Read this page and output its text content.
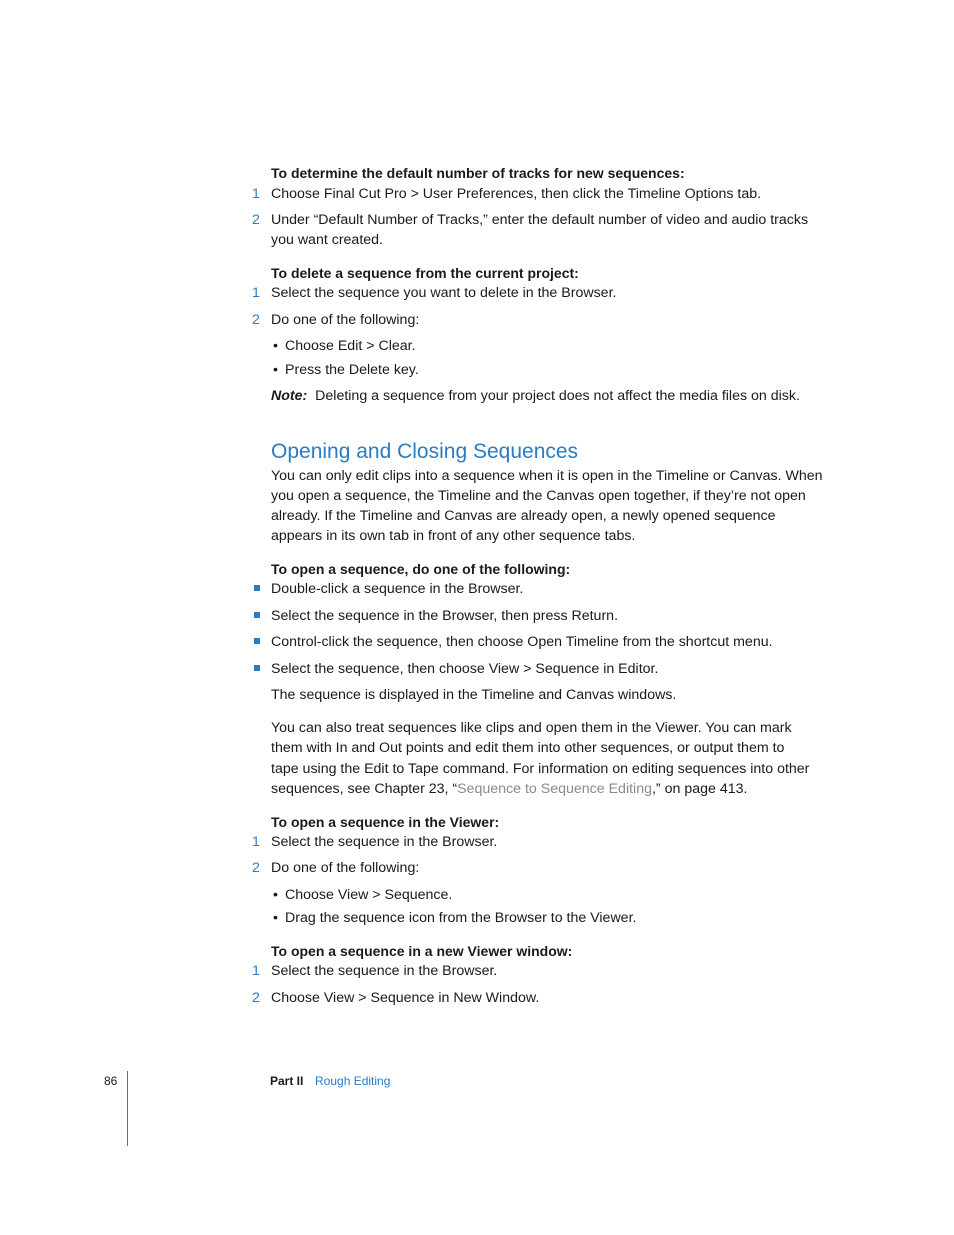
To determine the default number of tracks for new sequences:
1 Choose Final Cut Pro > User Preferences, then click the Timeline Options tab.
2 Under “Default Number of Tracks,” enter the default number of video and audio tracks
you want created.
To delete a sequence from the current project:
1 Select the sequence you want to delete in the Browser.
2 Do one of the following:
• Choose Edit > Clear.
• Press the Delete key.
Note: Deleting a sequence from your project does not affect the media files on disk.
Opening and Closing Sequences
You can only edit clips into a sequence when it is open in the Timeline or Canvas. When
you open a sequence, the Timeline and the Canvas open together, if they’re not open
already. If the Timeline and Canvas are already open, a newly opened sequence
appears in its own tab in front of any other sequence tabs.
To open a sequence, do one of the following:
Double-click a sequence in the Browser.
Select the sequence in the Browser, then press Return.
Control-click the sequence, then choose Open Timeline from the shortcut menu.
Select the sequence, then choose View > Sequence in Editor.
The sequence is displayed in the Timeline and Canvas windows.
You can also treat sequences like clips and open them in the Viewer. You can mark
them with In and Out points and edit them into other sequences, or output them to
tape using the Edit to Tape command. For information on editing sequences into other
sequences, see Chapter 23, “Sequence to Sequence Editing,” on page 413.
To open a sequence in the Viewer:
1 Select the sequence in the Browser.
2 Do one of the following:
• Choose View > Sequence.
• Drag the sequence icon from the Browser to the Viewer.
To open a sequence in a new Viewer window:
1 Select the sequence in the Browser.
2 Choose View > Sequence in New Window.
86	Part II Rough Editing
